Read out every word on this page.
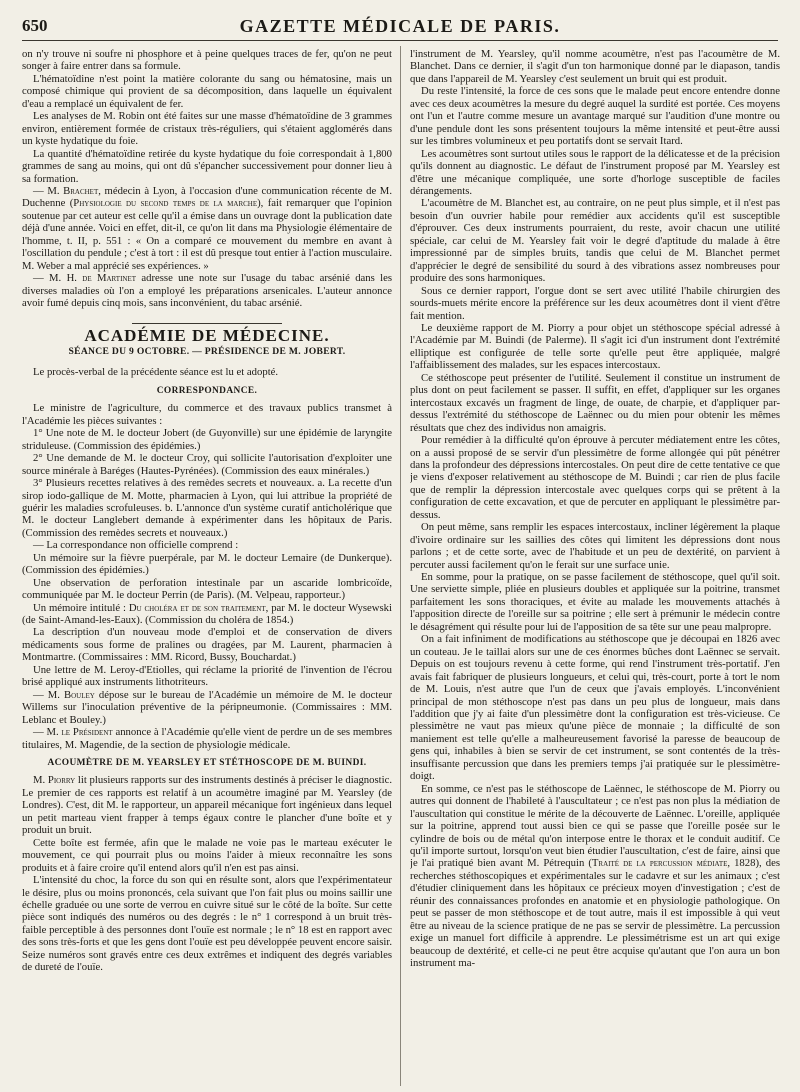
650	GAZETTE MÉDICALE DE PARIS.

on n'y trouve ni soufre ni phosphore et à peine quelques traces de fer, qu'on ne peut songer à faire entrer dans sa formule.

L'hématoïdine n'est point la matière colorante du sang ou hématosine, mais un composé chimique qui provient de sa décomposition, dans laquelle un équivalent d'eau a remplacé un équivalent de fer.

Les analyses de M. Robin ont été faites sur une masse d'hématoïdine de 3 grammes environ, entièrement formée de cristaux très-réguliers, qui s'étaient agglomérés dans un kyste hydatique du foie.

La quantité d'hématoïdine retirée du kyste hydatique du foie correspondait à 1,800 grammes de sang au moins, qui ont dû s'épancher successivement pour donner lieu à sa formation.

— M. Brachet, médecin à Lyon, à l'occasion d'une communication récente de M. Duchenne (Physiologie du second temps de la marche), fait remarquer que l'opinion soutenue par cet auteur est celle qu'il a émise dans un ouvrage dont la publication date déjà d'une année. Voici en effet, dit-il, ce qu'on lit dans ma Physiologie élémentaire de l'homme, t. II, p. 551 : « On a comparé ce mouvement du membre en avant à l'oscillation du pendule ; c'est à tort : il est dû presque tout entier à l'action musculaire. M. Weber a mal apprécié ses expériences. »

— M. H. de Martinet adresse une note sur l'usage du tabac arsénié dans les diverses maladies où l'on a employé les préparations arsenicales. L'auteur annonce avoir fumé depuis cinq mois, sans inconvénient, du tabac arsénié.

ACADÉMIE DE MÉDECINE.
SÉANCE DU 9 OCTOBRE. — PRÉSIDENCE DE M. JOBERT.

Le procès-verbal de la précédente séance est lu et adopté.

CORRESPONDANCE.

Le ministre de l'agriculture, du commerce et des travaux publics transmet à l'Académie les pièces suivantes :

1° Une note de M. le docteur Jobert (de Guyonville) sur une épidémie de laryngite striduleuse. (Commission des épidémies.)

2° Une demande de M. le docteur Croy, qui sollicite l'autorisation d'exploiter une source minérale à Baréges (Hautes-Pyrénées). (Commission des eaux minérales.)

3° Plusieurs recettes relatives à des remèdes secrets et nouveaux. a. La recette d'un sirop iodo-gallique de M. Motte, pharmacien à Lyon, qui lui attribue la propriété de guérir les maladies scrofuleuses. b. L'annonce d'un système curatif anticholérique que M. le docteur Langlebert demande à expérimenter dans les hôpitaux de Paris. (Commission des remèdes secrets et nouveaux.)

— La correspondance non officielle comprend :

Un mémoire sur la fièvre puerpérale, par M. le docteur Lemaire (de Dunkerque). (Commission des épidémies.)

Une observation de perforation intestinale par un ascaride lombricoïde, communiquée par M. le docteur Perrin (de Paris). (M. Velpeau, rapporteur.)

Un mémoire intitulé : Du choléra et de son traitement, par M. le docteur Wysewski (de Saint-Amand-les-Eaux). (Commission du choléra de 1854.)

La description d'un nouveau mode d'emploi et de conservation de divers médicaments sous forme de pralines ou dragées, par M. Laurent, pharmacien à Montmartre. (Commissaires : MM. Ricord, Bussy, Bouchardat.)

Une lettre de M. Leroy-d'Etiolles, qui réclame la priorité de l'invention de l'écrou brisé appliqué aux instruments lithotriteurs.

— M. Bouley dépose sur le bureau de l'Académie un mémoire de M. le docteur Willems sur l'inoculation préventive de la péripneumonie. (Commissaires : MM. Leblanc et Bouley.)

— M. le Président annonce à l'Académie qu'elle vient de perdre un de ses membres titulaires, M. Magendie, de la section de physiologie médicale.

ACOUMÈTRE DE M. YEARSLEY ET STÉTHOSCOPE DE M. BUINDI.

M. Piorry lit plusieurs rapports sur des instruments destinés à préciser le diagnostic. Le premier de ces rapports est relatif à un acoumètre imaginé par M. Yearsley (de Londres). C'est, dit M. le rapporteur, un appareil mécanique fort ingénieux dans lequel un petit marteau vient frapper à temps égaux contre le plancher d'une boîte et y produit un bruit.

Cette boîte est fermée, afin que le malade ne voie pas le marteau exécuter le mouvement, ce qui pourrait plus ou moins l'aider à mieux reconnaître les sons produits et à faire croire qu'il entend alors qu'il n'en est pas ainsi.

L'intensité du choc, la force du son qui en résulte sont, alors que l'expérimentateur le désire, plus ou moins prononcés, cela suivant que l'on fait plus ou moins saillir une échelle graduée ou une sorte de verrou en cuivre situé sur le côté de la boîte. Sur cette pièce sont indiqués des numéros ou des degrés : le n° 1 correspond à un bruit très-faible perceptible à des personnes dont l'ouïe est normale ; le n° 18 est en rapport avec des sons très-forts et que les gens dont l'ouïe est peu développée peuvent encore saisir. Seize numéros sont gravés entre ces deux extrêmes et indiquent des degrés variables de dureté de l'ouïe.

l'instrument de M. Yearsley, qu'il nomme acoumètre, n'est pas l'acoumètre de M. Blanchet. Dans ce dernier, il s'agit d'un ton harmonique donné par le diapason, tandis que dans l'appareil de M. Yearsley c'est seulement un bruit qui est produit.

Du reste l'intensité, la force de ces sons que le malade peut encore entendre donne avec ces deux acoumètres la mesure du degré auquel la surdité est portée. Ces moyens ont l'un et l'autre comme mesure un avantage marqué sur l'audition d'une montre ou d'une pendule dont les sons présentent toujours la même intensité et peut-être aussi sur les timbres volumineux et peu portatifs dont se servait Itard.

Les acoumètres sont surtout utiles sous le rapport de la délicatesse et de la précision qu'ils donnent au diagnostic. Le défaut de l'instrument proposé par M. Yearsley est d'être une mécanique compliquée, une sorte d'horloge susceptible de faciles dérangements.

L'acoumètre de M. Blanchet est, au contraire, on ne peut plus simple, et il n'est pas besoin d'un ouvrier habile pour remédier aux accidents qu'il est susceptible d'éprouver. Ces deux instruments pourraient, du reste, avoir chacun une utilité spéciale, car celui de M. Yearsley fait voir le degré d'aptitude du malade à être impressionné par de simples bruits, tandis que celui de M. Blanchet permet d'apprécier le degré de sensibilité du sourd à des vibrations assez nombreuses pour produire des sons harmoniques.

Sous ce dernier rapport, l'orgue dont se sert avec utilité l'habile chirurgien des sourds-muets mérite encore la préférence sur les deux acoumètres dont il vient d'être fait mention.

Le deuxième rapport de M. Piorry a pour objet un stéthoscope spécial adressé à l'Académie par M. Buindi (de Palerme). Il s'agit ici d'un instrument dont l'extrémité elliptique est configurée de telle sorte qu'elle peut être appliquée, malgré l'affaiblissement des malades, sur les espaces intercostaux.

Ce stéthoscope peut présenter de l'utilité. Seulement il constitue un instrument de plus dont on peut facilement se passer. Il suffit, en effet, d'appliquer sur les organes intercostaux excavés un fragment de linge, de ouate, de charpie, et d'appliquer par-dessus l'extrémité du stéthoscope de Laënnec ou du mien pour obtenir les mêmes résultats que chez des individus non amaigris.

Pour remédier à la difficulté qu'on éprouve à percuter médiatement entre les côtes, on a aussi proposé de se servir d'un plessimètre de forme allongée qui pût pénétrer dans la profondeur des dépressions intercostales. On peut dire de cette tentative ce que je viens d'exposer relativement au stéthoscope de M. Buindi ; car rien de plus facile que de remplir la dépression intercostale avec quelques corps qui se prêtent à la configuration de cette excavation, et que de percuter en appliquant le plessimètre par-dessus.

On peut même, sans remplir les espaces intercostaux, incliner légèrement la plaque d'ivoire ordinaire sur les saillies des côtes qui limitent les dépressions dont nous parlons ; et de cette sorte, avec de l'habitude et un peu de dextérité, on parvient à percuter aussi facilement qu'on le ferait sur une surface unie.

En somme, pour la pratique, on se passe facilement de stéthoscope, quel qu'il soit. Une serviette simple, pliée en plusieurs doubles et appliquée sur la poitrine, transmet parfaitement les sons thoraciques, et évite au malade les mouvements attachés à l'apposition directe de l'oreille sur sa poitrine ; elle sert à prémunir le médecin contre le désagrément qui résulte pour lui de l'apposition de sa tête sur une peau malpropre.

On a fait infiniment de modifications au stéthoscope que je découpai en 1826 avec un couteau. Je le taillai alors sur une de ces énormes bûches dont Laënnec se servait. Depuis on est toujours revenu à cette forme, qui rend l'instrument très-portatif. J'en avais fait fabriquer de plusieurs longueurs, et celui qui, très-court, porte à tort le nom de M. Louis, n'est autre que l'un de ceux que j'avais employés. L'inconvénient principal de mon stéthoscope n'est pas dans un peu plus de longueur, mais dans l'addition que j'y ai faite d'un plessimètre dont la configuration est très-vicieuse. Ce plessimètre ne vaut pas mieux qu'une pièce de monnaie ; la difficulté de son maniement est telle qu'elle a malheureusement favorisé la paresse de beaucoup de gens qui, inhabiles à bien se servir de cet instrument, se sont contentés de la très-insuffisante percussion que dans les premiers temps j'ai pratiquée sur le plessimètre-doigt.

En somme, ce n'est pas le stéthoscope de Laënnec, le stéthoscope de M. Piorry ou autres qui donnent de l'habileté à l'auscultateur ; ce n'est pas non plus la médiation de l'auscultation qui constitue le mérite de la découverte de Laënnec. L'oreille, appliquée sur la poitrine, apprend tout aussi bien ce qui se passe que l'oreille posée sur le cylindre de bois ou de métal qu'on interpose entre le thorax et le conduit auditif. Ce qu'il importe surtout, lorsqu'on veut bien étudier l'auscultation, c'est de faire, ainsi que je l'ai pratiqué bien avant M. Pétrequin (Traité de la percussion médiate, 1828), des recherches stéthoscopiques et expérimentales sur le cadavre et sur les animaux ; c'est d'étudier cliniquement dans les hôpitaux ce précieux moyen d'investigation ; c'est de réunir des connaissances profondes en anatomie et en physiologie pathologique. On peut se passer de mon stéthoscope et de tout autre, mais il est impossible à qui veut être au niveau de la science pratique de ne pas se servir de plessimètre. La percussion exige un manuel fort difficile à apprendre. Le plessimétrisme est un art qui exige beaucoup de dextérité, et celle-ci ne peut être acquise qu'autant que l'on aura un bon instrument ma-
